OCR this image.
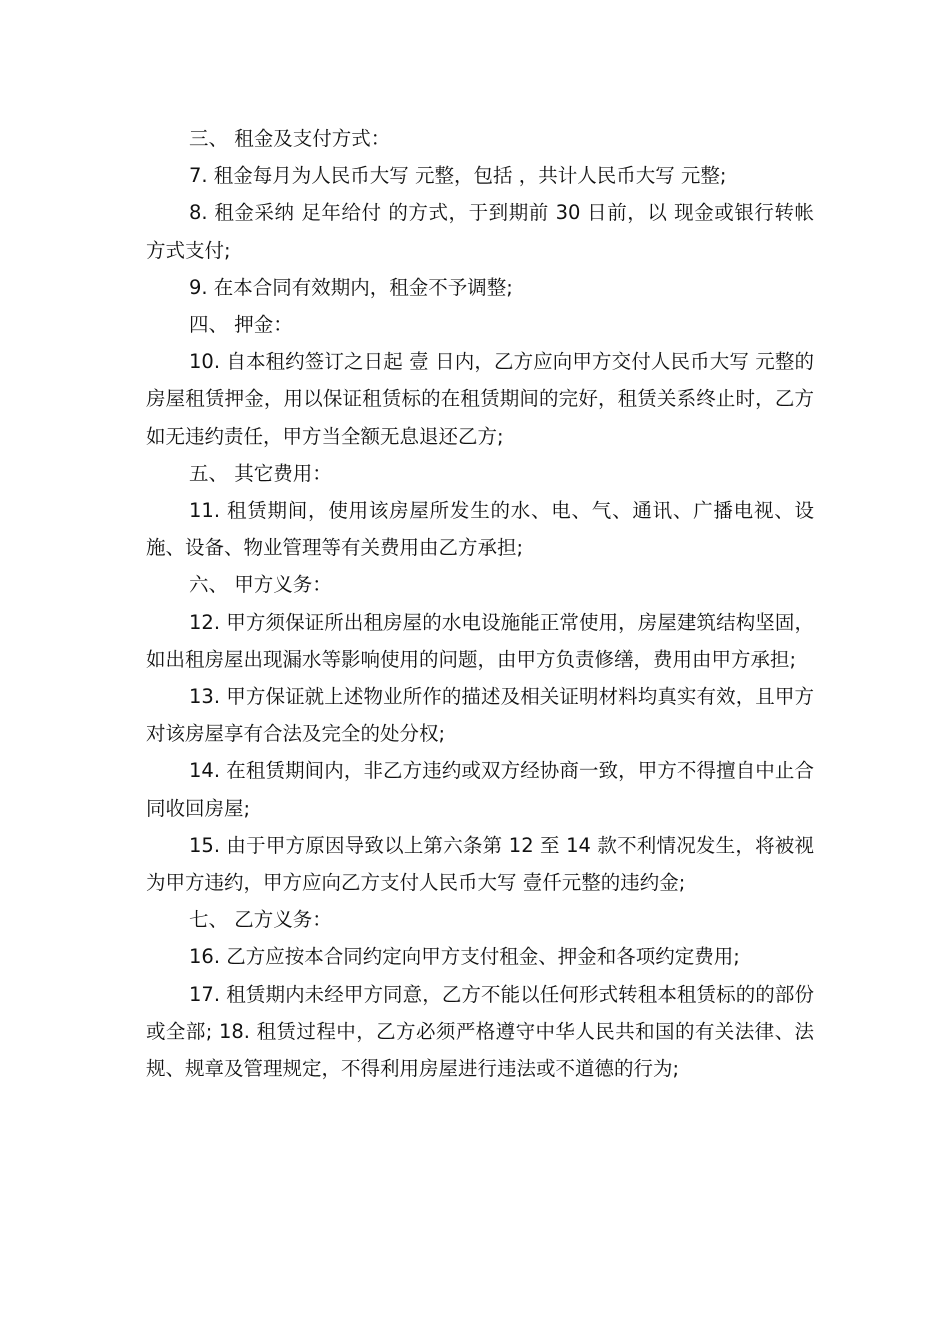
三、 租金及支付方式：

7. 租金每月为人民币大写 元整，包括 ，共计人民币大写 元整;

8. 租金采纳 足年给付 的方式，于到期前 30 日前，以 现金或银行转帐 方式支付;

9. 在本合同有效期内，租金不予调整;

四、 押金：

10. 自本租约签订之日起 壹 日内，乙方应向甲方交付人民币大写 元整的房屋租赁押金，用以保证租赁标的在租赁期间的完好，租赁关系终止时，乙方如无违约责任，甲方当全额无息退还乙方;

五、 其它费用：

11. 租赁期间，使用该房屋所发生的水、电、气、通讯、广播电视、设施、设备、物业管理等有关费用由乙方承担;

六、 甲方义务：

12. 甲方须保证所出租房屋的水电设施能正常使用，房屋建筑结构坚固，如出租房屋出现漏水等影响使用的问题，由甲方负责修缮，费用由甲方承担;

13. 甲方保证就上述物业所作的描述及相关证明材料均真实有效，且甲方对该房屋享有合法及完全的处分权;

14. 在租赁期间内，非乙方违约或双方经协商一致，甲方不得擅自中止合同收回房屋;

15. 由于甲方原因导致以上第六条第 12 至 14 款不利情况发生，将被视为甲方违约，甲方应向乙方支付人民币大写 壹仟元整的违约金;

七、 乙方义务：

16. 乙方应按本合同约定向甲方支付租金、押金和各项约定费用;

17. 租赁期内未经甲方同意，乙方不能以任何形式转租本租赁标的的部份或全部; 18. 租赁过程中，乙方必须严格遵守中华人民共和国的有关法律、法规、规章及管理规定，不得利用房屋进行违法或不道德的行为;
